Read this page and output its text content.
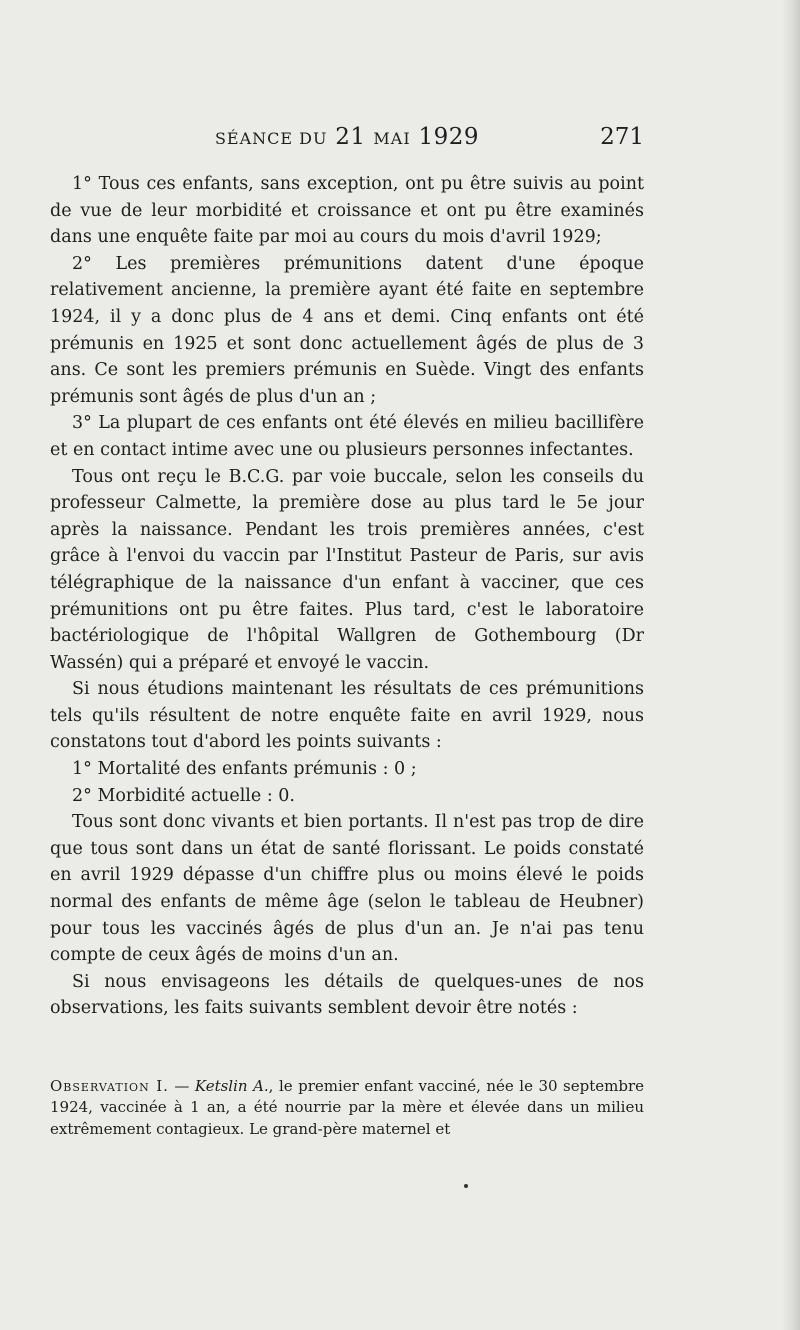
SÉANCE DU 21 MAI 1929	271

1° Tous ces enfants, sans exception, ont pu être suivis au point de vue de leur morbidité et croissance et ont pu être examinés dans une enquête faite par moi au cours du mois d'avril 1929;

2° Les premières prémunitions datent d'une époque relativement ancienne, la première ayant été faite en septembre 1924, il y a donc plus de 4 ans et demi. Cinq enfants ont été prémunis en 1925 et sont donc actuellement âgés de plus de 3 ans. Ce sont les premiers prémunis en Suède. Vingt des enfants prémunis sont âgés de plus d'un an ;

3° La plupart de ces enfants ont été élevés en milieu bacillifère et en contact intime avec une ou plusieurs personnes infectantes.

Tous ont reçu le B.C.G. par voie buccale, selon les conseils du professeur Calmette, la première dose au plus tard le 5e jour après la naissance. Pendant les trois premières années, c'est grâce à l'envoi du vaccin par l'Institut Pasteur de Paris, sur avis télégraphique de la naissance d'un enfant à vacciner, que ces prémunitions ont pu être faites. Plus tard, c'est le laboratoire bactériologique de l'hôpital Wallgren de Gothembourg (Dr Wassén) qui a préparé et envoyé le vaccin.

Si nous étudions maintenant les résultats de ces prémunitions tels qu'ils résultent de notre enquête faite en avril 1929, nous constatons tout d'abord les points suivants :

1° Mortalité des enfants prémunis : 0 ;

2° Morbidité actuelle : 0.

Tous sont donc vivants et bien portants. Il n'est pas trop de dire que tous sont dans un état de santé florissant. Le poids constaté en avril 1929 dépasse d'un chiffre plus ou moins élevé le poids normal des enfants de même âge (selon le tableau de Heubner) pour tous les vaccinés âgés de plus d'un an. Je n'ai pas tenu compte de ceux âgés de moins d'un an.

Si nous envisageons les détails de quelques-unes de nos observations, les faits suivants semblent devoir être notés :

Observation I. — Ketslin A., le premier enfant vacciné, née le 30 septembre 1924, vaccinée à 1 an, a été nourrie par la mère et élevée dans un milieu extrêmement contagieux. Le grand-père maternel et
